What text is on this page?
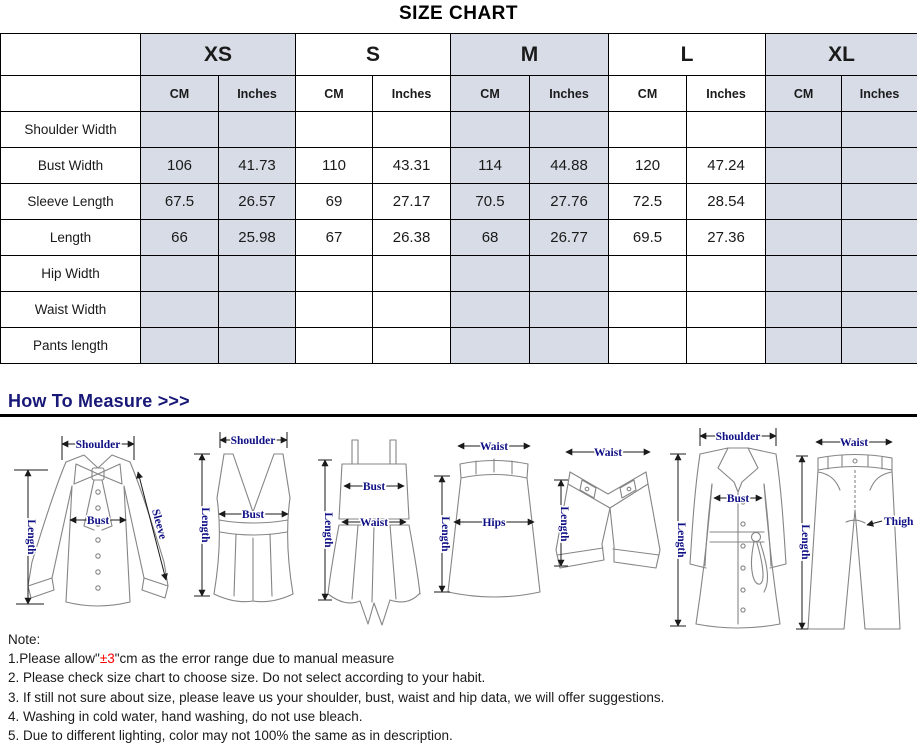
SIZE CHART
	XS		S		M		L		XL	
	CM	Inches	CM	Inches	CM	Inches	CM	Inches	CM	Inches
Shoulder Width										
Bust Width	106	41.73	110	43.31	114	44.88	120	47.24		
Sleeve Length	67.5	26.57	69	27.17	70.5	27.76	72.5	28.54		
Length	66	25.98	67	26.38	68	26.77	69.5	27.36		
Hip Width										
Waist Width										
Pants length										
How To Measure >>>
Shoulder
Bust	Sleeve
Length
Shoulder
Bust
Length
Bust
Waist
Length
Waist
Hips
Length
Waist
Length
Shoulder
Bust
Length
Waist
Thigh
Length
Note:
1.Please allow"±3"cm as the error range due to manual measure
2. Please check size chart to choose size. Do not select according to your habit.
3. If still not sure about size, please leave us your shoulder, bust, waist and hip data, we will offer suggestions.
4. Washing in cold water, hand washing, do not use bleach.
5. Due to different lighting, color may not 100% the same as in description.
